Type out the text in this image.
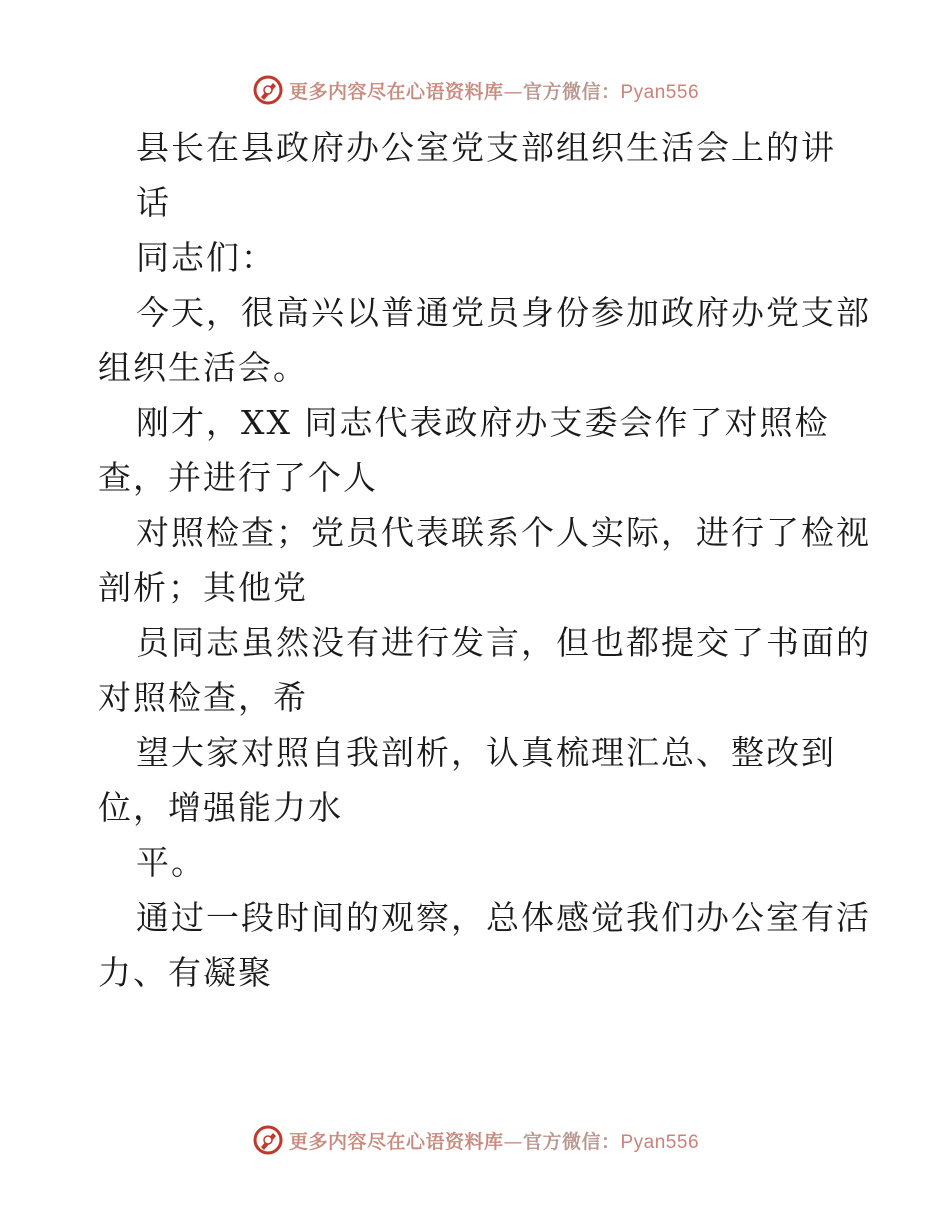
更多内容尽在心语资料库—官方微信：Pyan556
县长在县政府办公室党支部组织生活会上的讲
话
同志们：
今天，很高兴以普通党员身份参加政府办党支部
组织生活会。
刚才，XX 同志代表政府办支委会作了对照检
查，并进行了个人
对照检查；党员代表联系个人实际，进行了检视
剖析；其他党
员同志虽然没有进行发言，但也都提交了书面的
对照检查，希
望大家对照自我剖析，认真梳理汇总、整改到
位，增强能力水
平。
通过一段时间的观察，总体感觉我们办公室有活
力、有凝聚
更多内容尽在心语资料库—官方微信：Pyan556
